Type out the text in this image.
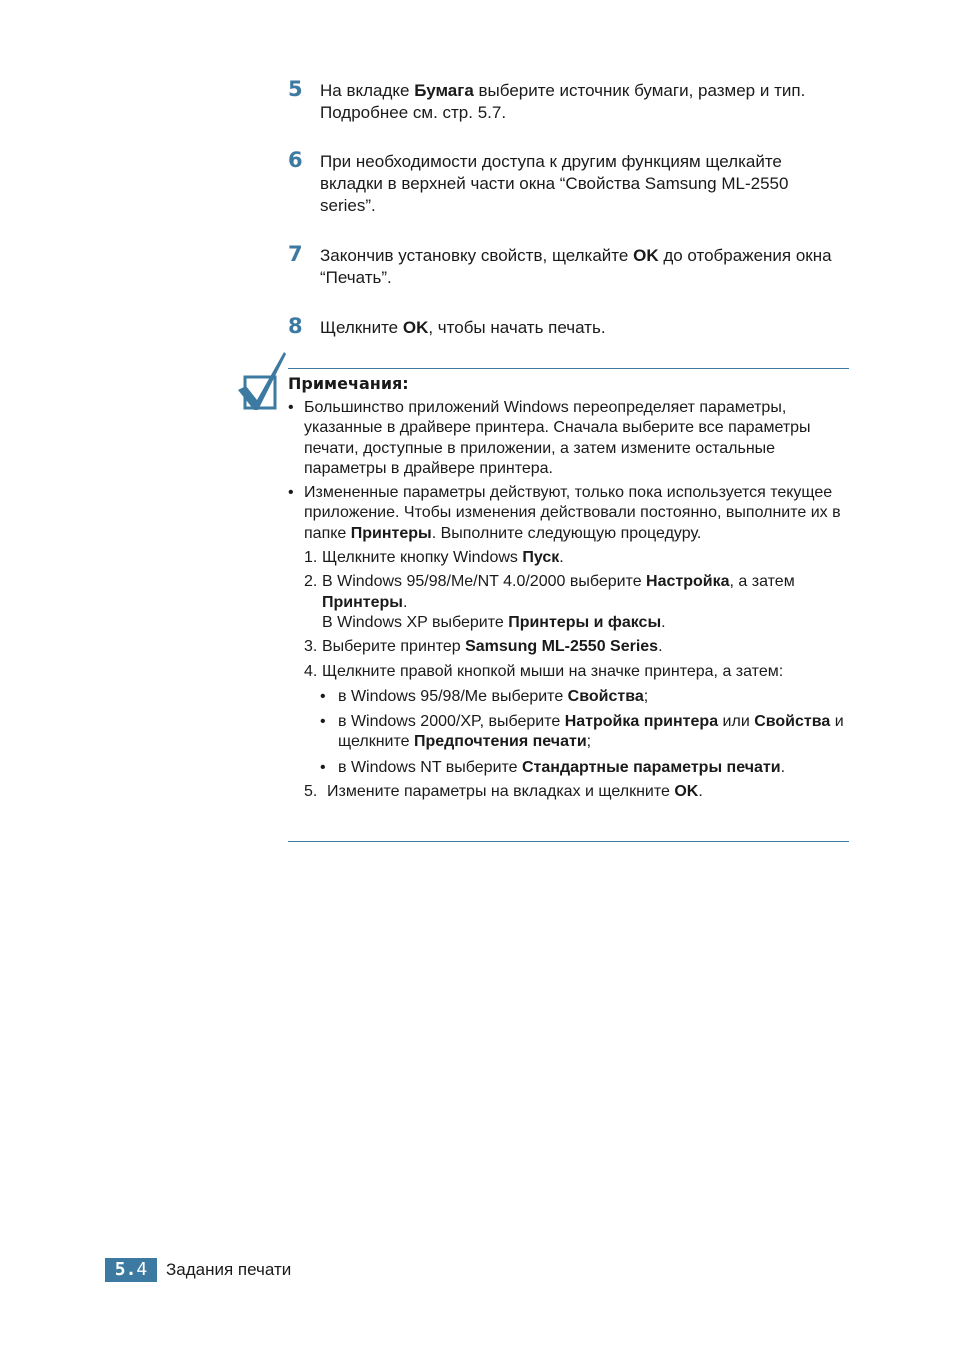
5 На вкладке Бумага выберите источник бумаги, размер и тип. Подробнее см. стр. 5.7.
6 При необходимости доступа к другим функциям щелкайте вкладки в верхней части окна “Свойства Samsung ML-2550 series”.
7 Закончив установку свойств, щелкайте OK до отображения окна “Печать”.
8 Щелкните OK, чтобы начать печать.
Примечания:
• Большинство приложений Windows переопределяет параметры, указанные в драйвере принтера. Сначала выберите все параметры печати, доступные в приложении, а затем измените остальные параметры в драйвере принтера.
• Измененные параметры действуют, только пока используется текущее приложение. Чтобы изменения действовали постоянно, выполните их в папке Принтеры. Выполните следующую процедуру.
1. Щелкните кнопку Windows Пуск.
2. В Windows 95/98/Me/NT 4.0/2000 выберите Настройка, а затем Принтеры.
В Windows XP выберите Принтеры и факсы.
3. Выберите принтер Samsung ML-2550 Series.
4. Щелкните правой кнопкой мыши на значке принтера, а затем:
• в Windows 95/98/Me выберите Свойства;
• в Windows 2000/XP, выберите Натройка принтера или Свойства и щелкните Предпочтения печати;
• в Windows NT выберите Стандартные параметры печати.
5. Измените параметры на вкладках и щелкните OK.
5.4	Задания печати
